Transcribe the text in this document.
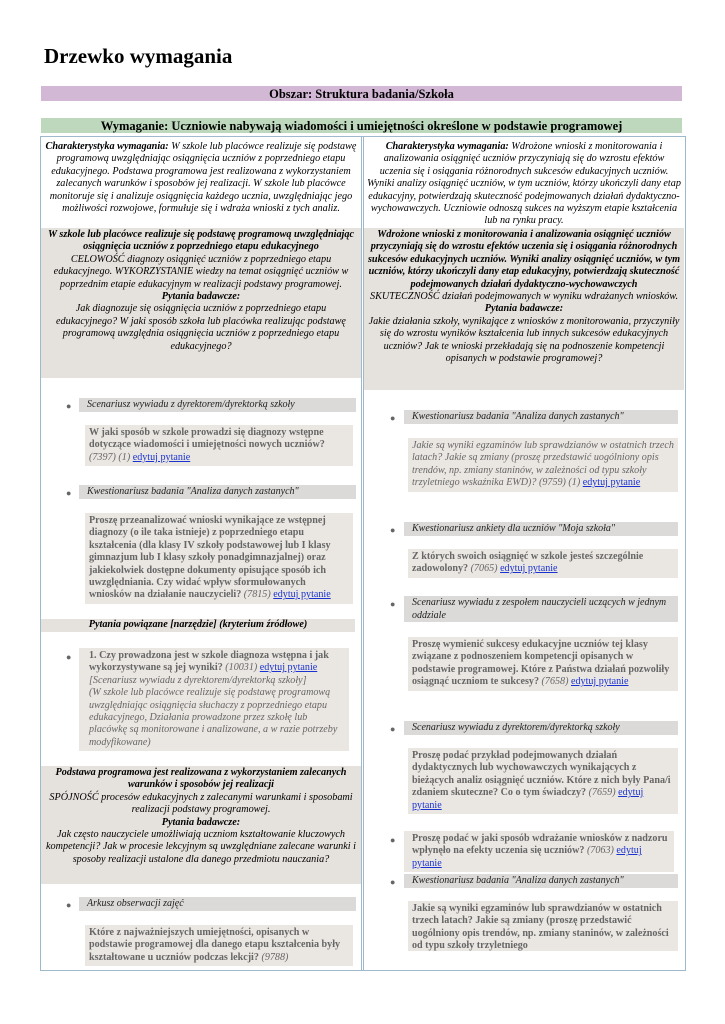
Drzewko wymagania
Obszar: Struktura badania/Szkoła
Wymaganie: Uczniowie nabywają wiadomości i umiejętności określone w podstawie programowej
Charakterystyka wymagania: W szkole lub placówce realizuje się podstawę programową uwzględniając osiągnięcia uczniów z poprzedniego etapu edukacyjnego. Podstawa programowa jest realizowana z wykorzystaniem zalecanych warunków i sposobów jej realizacji. W szkole lub placówce monitoruje się i analizuje osiągnięcia każdego ucznia, uwzględniając jego możliwości rozwojowe, formułuje się i wdraża wnioski z tych analiz.
W szkole lub placówce realizuje się podstawę programową uwzględniając osiągnięcia uczniów z poprzedniego etapu edukacyjnego
CELOWOŚĆ diagnozy osiągnięć uczniów z poprzedniego etapu edukacyjnego. WYKORZYSTANIE wiedzy na temat osiągnięć uczniów w poprzednim etapie edukacyjnym w realizacji podstawy programowej.
Pytania badawcze:
Jak diagnozuje się osiągnięcia uczniów z poprzedniego etapu edukacyjnego? W jaki sposób szkoła lub placówka realizując podstawę programową uwzględnia osiągnięcia uczniów z poprzedniego etapu edukacyjnego?
●	Scenariusz wywiadu z dyrektorem/dyrektorką szkoły
W jaki sposób w szkole prowadzi się diagnozy wstępne dotyczące wiadomości i umiejętności nowych uczniów? (7397) (1) edytuj pytanie
●	Kwestionariusz badania "Analiza danych zastanych"
Proszę przeanalizować wnioski wynikające ze wstępnej diagnozy (o ile taka istnieje) z poprzedniego etapu kształcenia (dla klasy IV szkoły podstawowej lub I klasy gimnazjum lub I klasy szkoły ponadgimnazjalnej) oraz jakiekolwiek dostępne dokumenty opisujące sposób ich uwzględniania. Czy widać wpływ sformułowanych wniosków na działanie nauczycieli? (7815) edytuj pytanie
Pytania powiązane [narzędzie] (kryterium źródłowe)
●	1. Czy prowadzona jest w szkole diagnoza wstępna i jak wykorzystywane są jej wyniki? (10031) edytuj pytanie
[Scenariusz wywiadu z dyrektorem/dyrektorką szkoły]
(W szkole lub placówce realizuje się podstawę programową uwzględniając osiągnięcia słuchaczy z poprzedniego etapu edukacyjnego, Działania prowadzone przez szkołę lub placówkę są monitorowane i analizowane, a w razie potrzeby modyfikowane)
Podstawa programowa jest realizowana z wykorzystaniem zalecanych warunków i sposobów jej realizacji
SPÓJNOŚĆ procesów edukacyjnych z zalecanymi warunkami i sposobami realizacji podstawy programowej.
Pytania badawcze:
Jak często nauczyciele umożliwiają uczniom kształtowanie kluczowych kompetencji? Jak w procesie lekcyjnym są uwzględniane zalecane warunki i sposoby realizacji ustalone dla danego przedmiotu nauczania?
●	Arkusz obserwacji zajęć
Które z najważniejszych umiejętności, opisanych w podstawie programowej dla danego etapu kształcenia były kształtowane u uczniów podczas lekcji? (9788)
Charakterystyka wymagania: Wdrożone wnioski z monitorowania i analizowania osiągnięć uczniów przyczyniają się do wzrostu efektów uczenia się i osiągania różnorodnych sukcesów edukacyjnych uczniów. Wyniki analizy osiągnięć uczniów, w tym uczniów, którzy ukończyli dany etap edukacyjny, potwierdzają skuteczność podejmowanych działań dydaktyczno-wychowawczych. Uczniowie odnoszą sukces na wyższym etapie kształcenia lub na rynku pracy.
Wdrożone wnioski z monitorowania i analizowania osiągnięć uczniów przyczyniają się do wzrostu efektów uczenia się i osiągania różnorodnych sukcesów edukacyjnych uczniów. Wyniki analizy osiągnięć uczniów, w tym uczniów, którzy ukończyli dany etap edukacyjny, potwierdzają skuteczność podejmowanych działań dydaktyczno-wychowawczych
SKUTECZNOŚĆ działań podejmowanych w wyniku wdrażanych wniosków.
Pytania badawcze:
Jakie działania szkoły, wynikające z wniosków z monitorowania, przyczyniły się do wzrostu wyników kształcenia lub innych sukcesów edukacyjnych uczniów? Jak te wnioski przekładają się na podnoszenie kompetencji opisanych w podstawie programowej?
●	Kwestionariusz badania "Analiza danych zastanych"
Jakie są wyniki egzaminów lub sprawdzianów w ostatnich trzech latach? Jakie są zmiany (proszę przedstawić uogólniony opis trendów, np. zmiany staninów, w zależności od typu szkoły trzyletniego wskaźnika EWD)? (9759) (1) edytuj pytanie
●	Kwestionariusz ankiety dla uczniów "Moja szkoła"
Z których swoich osiągnięć w szkole jesteś szczególnie zadowolony? (7065) edytuj pytanie
●	Scenariusz wywiadu z zespołem nauczycieli uczących w jednym oddziale
Proszę wymienić sukcesy edukacyjne uczniów tej klasy związane z podnoszeniem kompetencji opisanych w podstawie programowej. Które z Państwa działań pozwoliły osiągnąć uczniom te sukcesy? (7658) edytuj pytanie
●	Scenariusz wywiadu z dyrektorem/dyrektorką szkoły
Proszę podać przykład podejmowanych działań dydaktycznych lub wychowawczych wynikających z bieżących analiz osiągnięć uczniów. Które z nich były Pana/i zdaniem skuteczne? Co o tym świadczy? (7659) edytuj pytanie
●	Proszę podać w jaki sposób wdrażanie wniosków z nadzoru wpłynęło na efekty uczenia się uczniów? (7063) edytuj pytanie
●	Kwestionariusz badania "Analiza danych zastanych"
Jakie są wyniki egzaminów lub sprawdzianów w ostatnich trzech latach? Jakie są zmiany (proszę przedstawić uogólniony opis trendów, np. zmiany staninów, w zależności od typu szkoły trzyletniego
